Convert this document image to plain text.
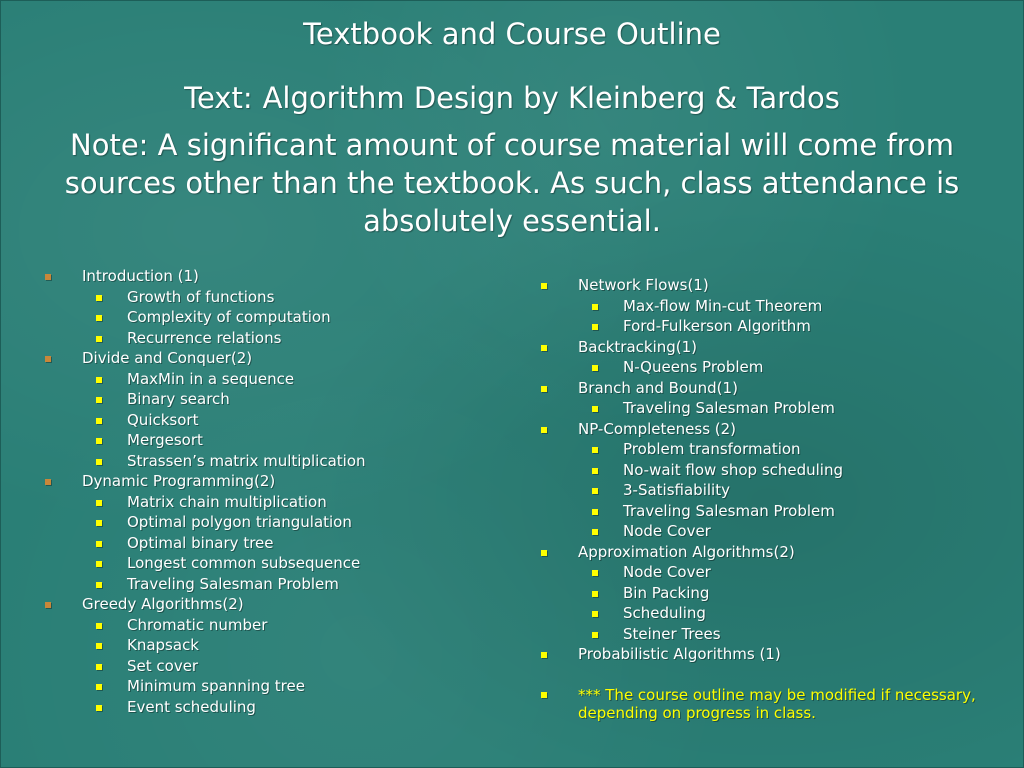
Textbook and Course Outline
Text: Algorithm Design by Kleinberg & Tardos
Note: A significant amount of course material will come from sources other than the textbook. As such, class attendance is absolutely essential.
Introduction (1)
Growth of functions
Complexity of computation
Recurrence relations
Divide and Conquer(2)
MaxMin in a sequence
Binary search
Quicksort
Mergesort
Strassen’s matrix multiplication
Dynamic Programming(2)
Matrix chain multiplication
Optimal polygon triangulation
Optimal binary tree
Longest common subsequence
Traveling Salesman Problem
Greedy Algorithms(2)
Chromatic number
Knapsack
Set cover
Minimum spanning tree
Event scheduling
Network Flows(1)
Max-flow Min-cut Theorem
Ford-Fulkerson Algorithm
Backtracking(1)
N-Queens Problem
Branch and Bound(1)
Traveling Salesman Problem
NP-Completeness (2)
Problem transformation
No-wait flow shop scheduling
3-Satisfiability
Traveling Salesman Problem
Node Cover
Approximation Algorithms(2)
Node Cover
Bin Packing
Scheduling
Steiner Trees
Probabilistic Algorithms (1)
*** The course outline may be modified if necessary, depending on progress in class.
